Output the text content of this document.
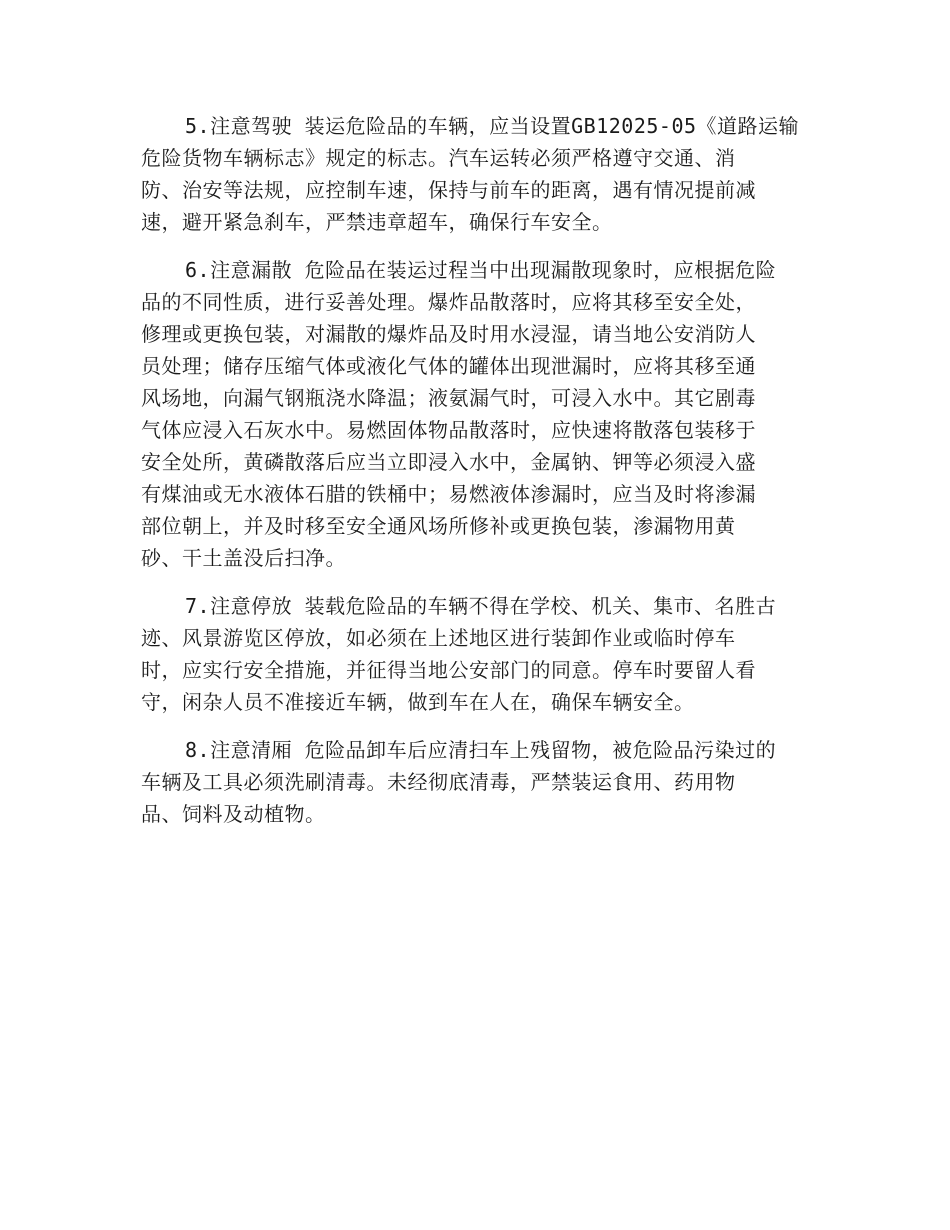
5.注意驾驶 装运危险品的车辆，应当设置GB12025-05《道路运输
危险货物车辆标志》规定的标志。汽车运转必须严格遵守交通、消
防、治安等法规，应控制车速，保持与前车的距离，遇有情况提前减
速，避开紧急刹车，严禁违章超车，确保行车安全。

6.注意漏散 危险品在装运过程当中出现漏散现象时，应根据危险
品的不同性质，进行妥善处理。爆炸品散落时，应将其移至安全处，
修理或更换包装，对漏散的爆炸品及时用水浸湿，请当地公安消防人
员处理；储存压缩气体或液化气体的罐体出现泄漏时，应将其移至通
风场地，向漏气钢瓶浇水降温；液氨漏气时，可浸入水中。其它剧毒
气体应浸入石灰水中。易燃固体物品散落时，应快速将散落包装移于
安全处所，黄磷散落后应当立即浸入水中，金属钠、钾等必须浸入盛
有煤油或无水液体石腊的铁桶中；易燃液体渗漏时，应当及时将渗漏
部位朝上，并及时移至安全通风场所修补或更换包装，渗漏物用黄
砂、干土盖没后扫净。

7.注意停放 装载危险品的车辆不得在学校、机关、集市、名胜古
迹、风景游览区停放，如必须在上述地区进行装卸作业或临时停车
时，应实行安全措施，并征得当地公安部门的同意。停车时要留人看
守，闲杂人员不准接近车辆，做到车在人在，确保车辆安全。

8.注意清厢 危险品卸车后应清扫车上残留物，被危险品污染过的
车辆及工具必须洗刷清毒。未经彻底清毒，严禁装运食用、药用物
品、饲料及动植物。
